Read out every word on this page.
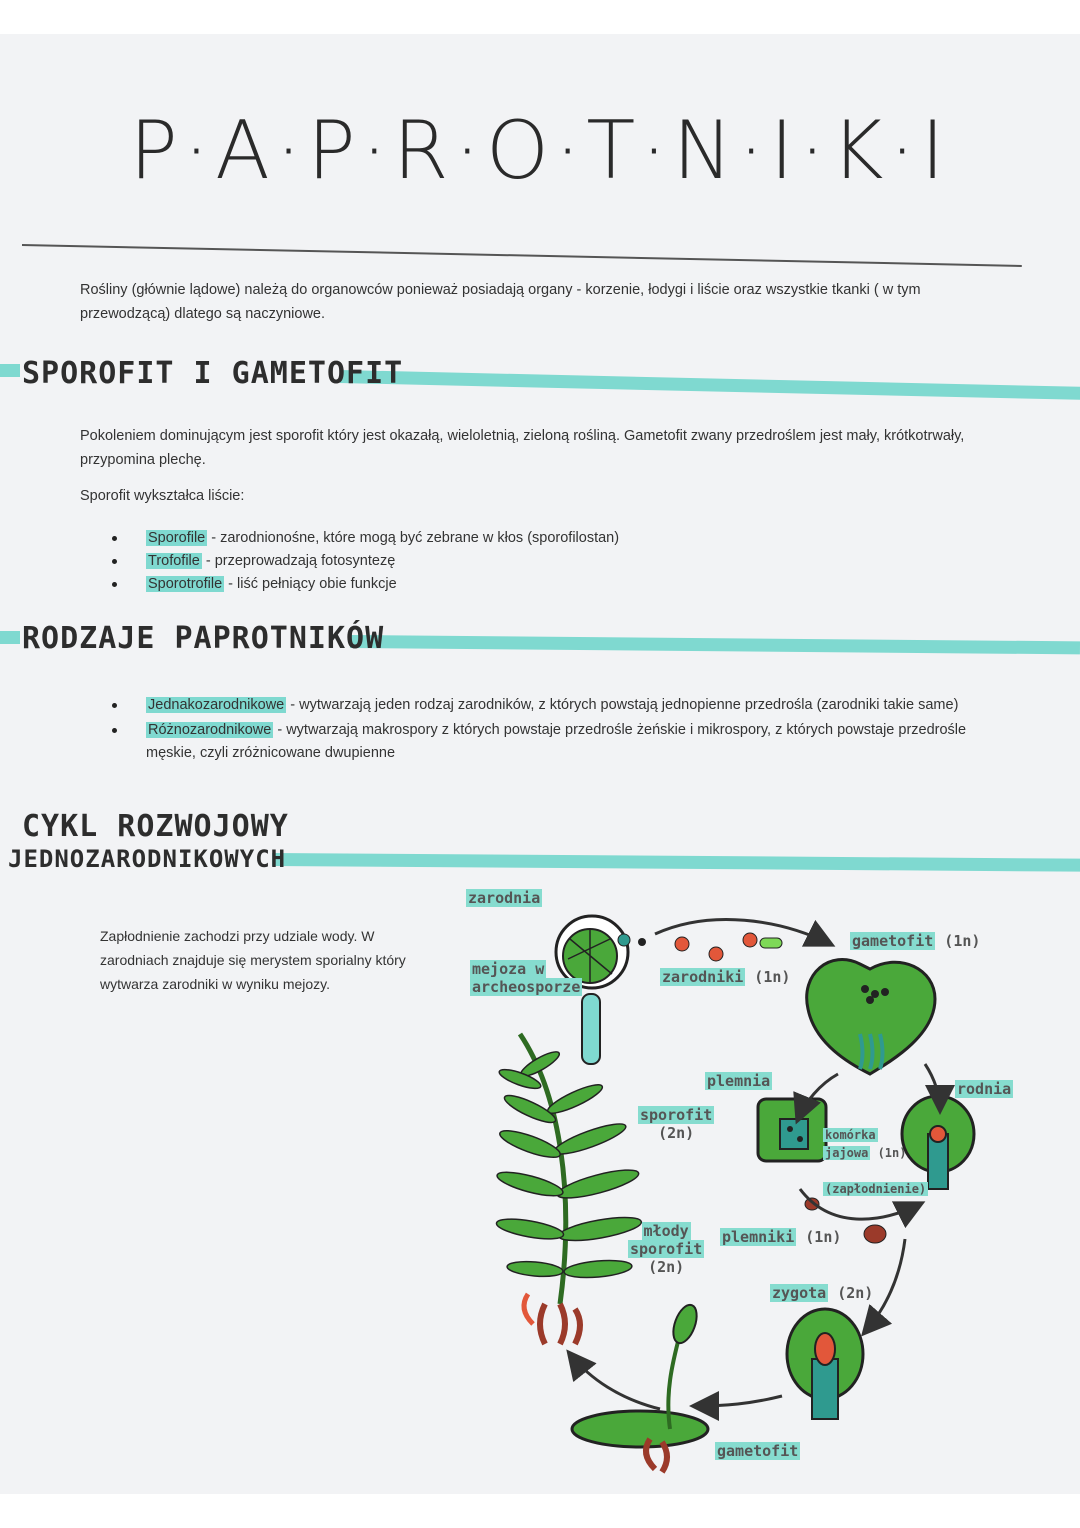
P·A·P·R·O·T·N·I·K·I
Rośliny (głównie lądowe) należą do organowców ponieważ posiadają organy - korzenie, łodygi i liście oraz wszystkie tkanki ( w tym przewodzącą) dlatego są naczyniowe.
SPOROFIT I GAMETOFIT
Pokoleniem dominującym jest sporofit który jest okazałą, wieloletnią, zieloną rośliną. Gametofit zwany przedroślem jest mały, krótkotrwały, przypomina plechę.
Sporofit wykształca liście:
Sporofile - zarodnionośne, które mogą być zebrane w kłos (sporofilostan)
Trofofile - przeprowadzają fotosyntezę
Sporotrofile - liść pełniący obie funkcje
RODZAJE PAPROTNIKÓW
Jednakozarodnikowe - wytwarzają jeden rodzaj zarodników, z których powstają jednopienne przedrośla (zarodniki takie same)
Różnozarodnikowe - wytwarzają makrospory z których powstaje przedrośle żeńskie i mikrospory, z których powstaje przedrośle męskie, czyli zróżnicowane dwupienne
CYKL ROZWOJOWY
JEDNOZARODNIKOWYCH
Zapłodnienie zachodzi przy udziale wody. W zarodniach znajduje się merystem sporialny który wytwarza zarodniki w wyniku mejozy.
zarodnia
mejoza w
archeosporze
zarodniki (1n)
gametofit (1n)
plemnia	rodnia
sporofit
(2n)	komórka
jajowa (1n)
(zapłodnienie)
młody
sporofit
(2n)
plemniki (1n)
zygota (2n)
gametofit
